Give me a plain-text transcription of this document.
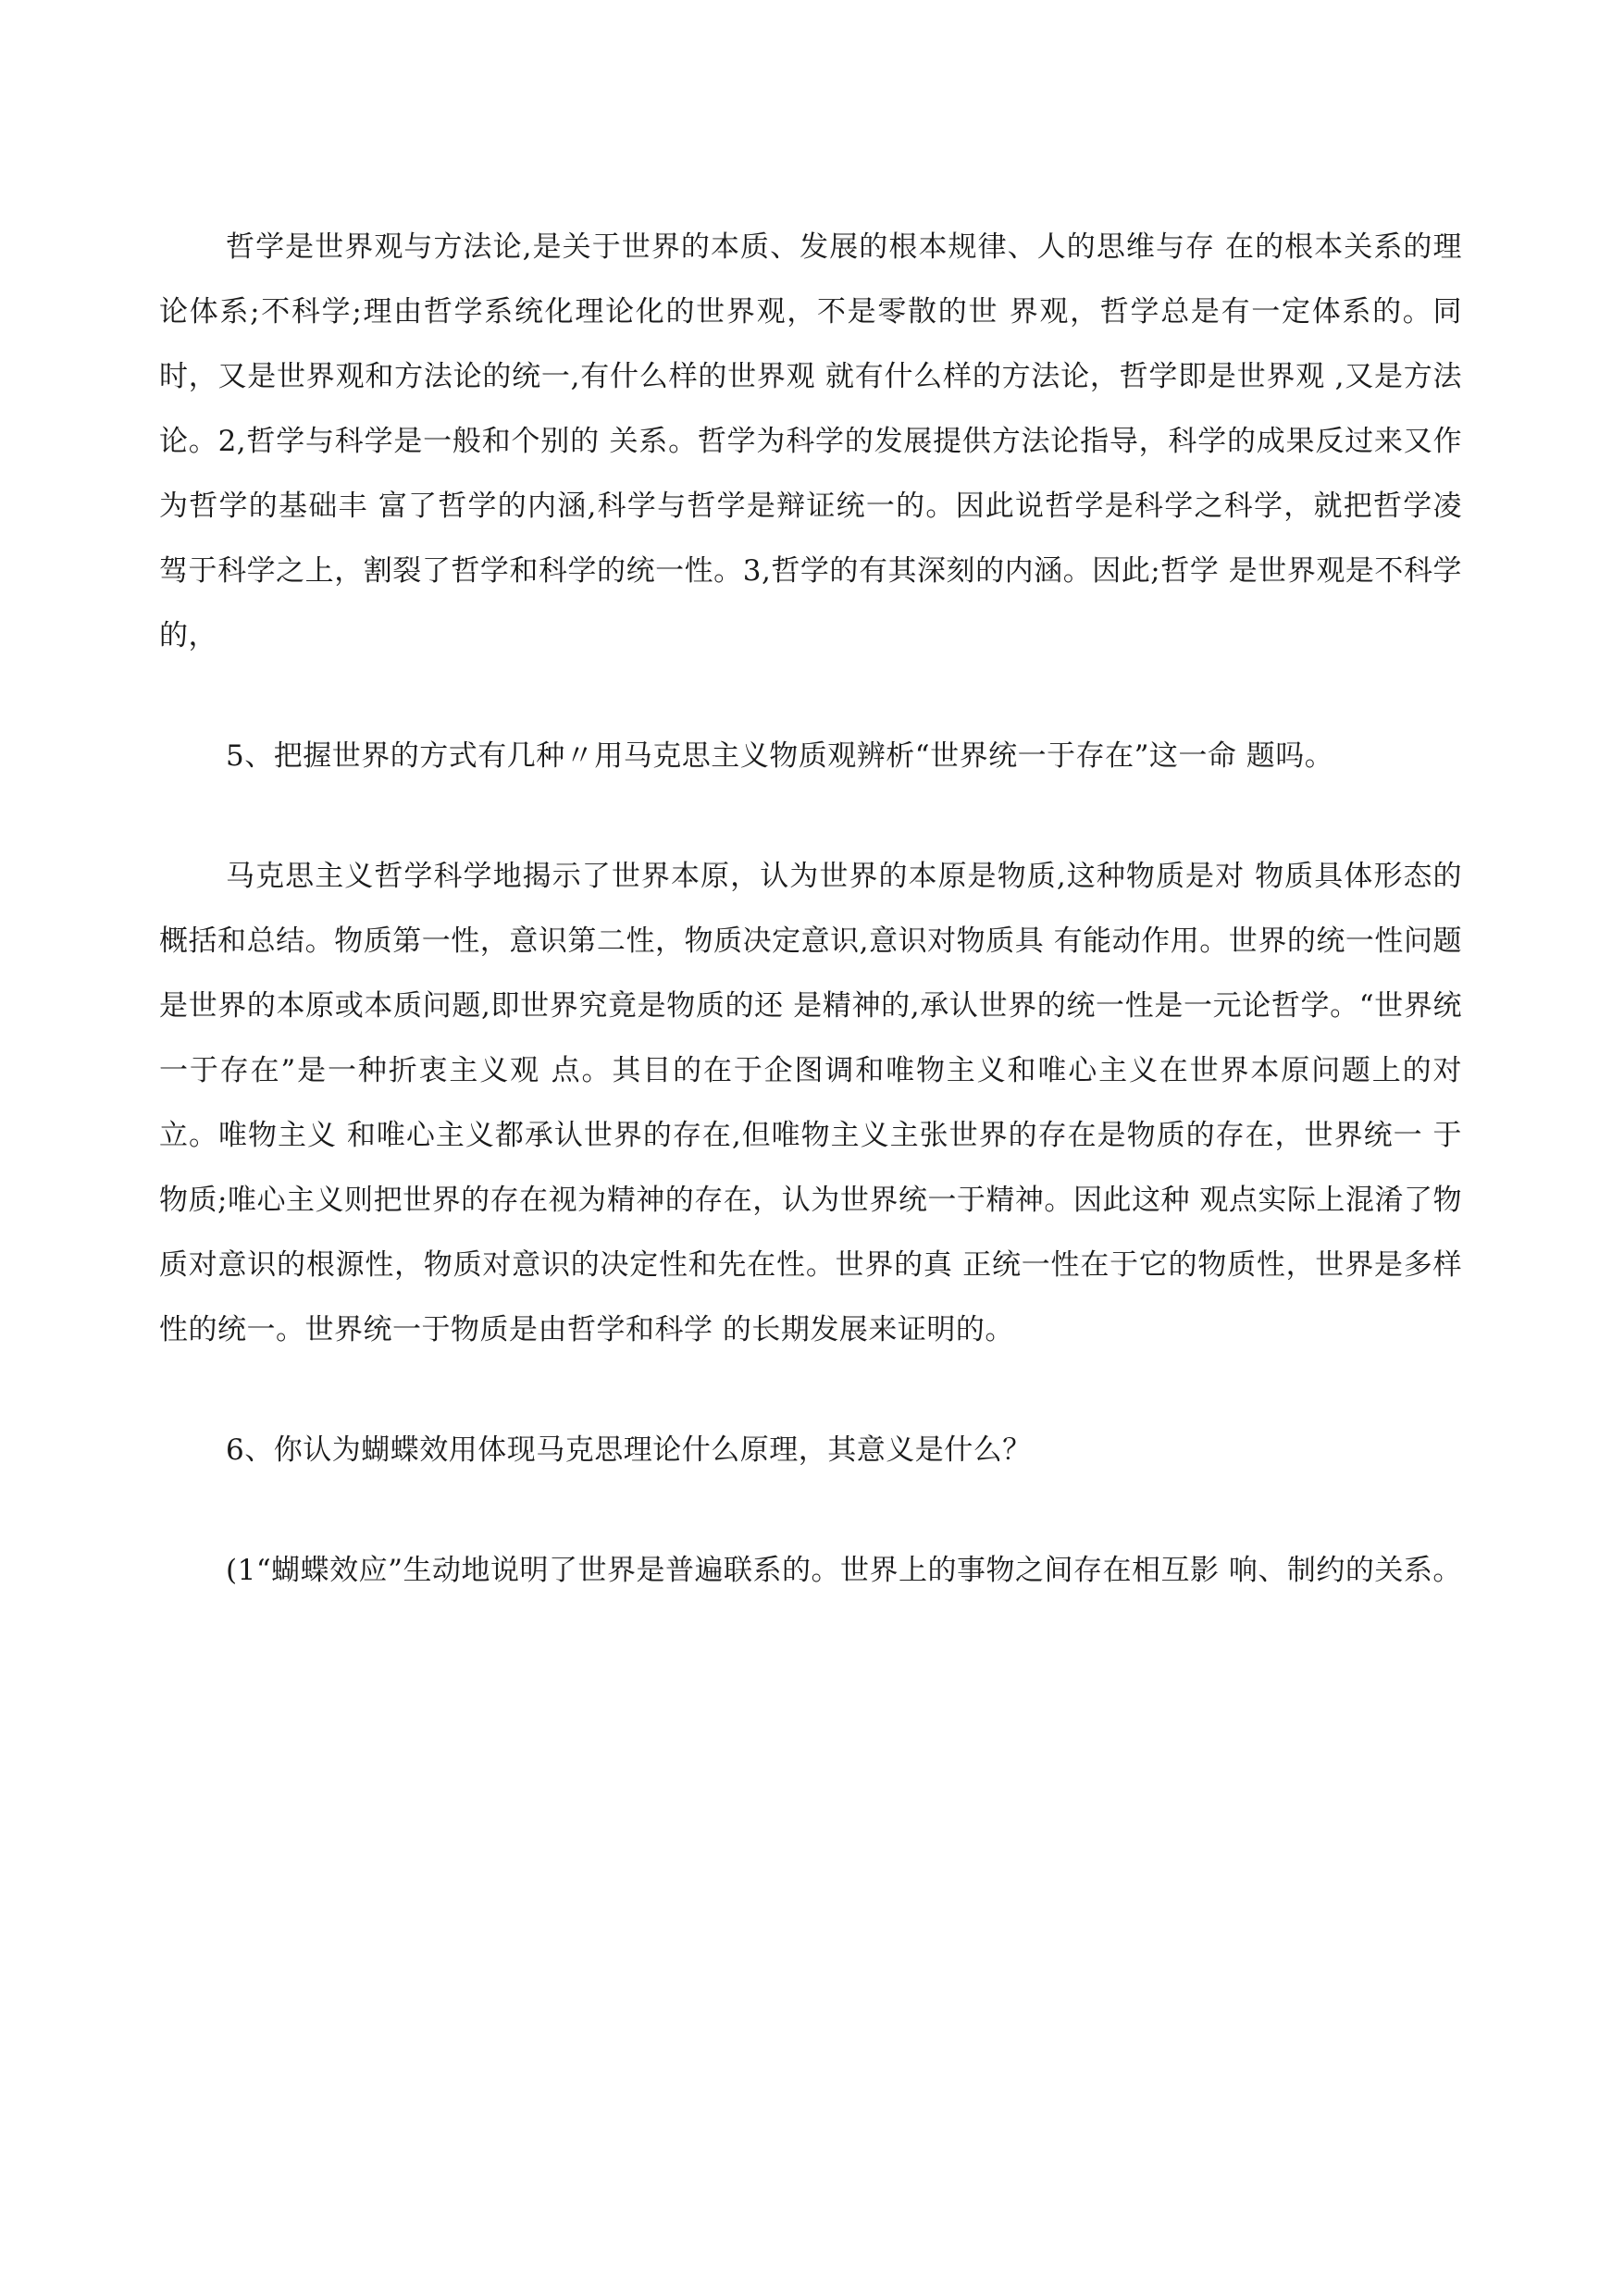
哲学是世界观与方法论,是关于世界的本质、发展的根本规律、人的思维与存 在的根本关系的理论体系;不科学;理由哲学系统化理论化的世界观，不是零散的世 界观，哲学总是有一定体系的。同时，又是世界观和方法论的统一,有什么样的世界观 就有什么样的方法论，哲学即是世界观 ,又是方法论。2,哲学与科学是一般和个别的 关系。哲学为科学的发展提供方法论指导，科学的成果反过来又作为哲学的基础丰 富了哲学的内涵,科学与哲学是辩证统一的。因此说哲学是科学之科学，就把哲学凌 驾于科学之上，割裂了哲学和科学的统一性。3,哲学的有其深刻的内涵。因此;哲学 是世界观是不科学的，

5、把握世界的方式有几种〃用马克思主义物质观辨析“世界统一于存在”这一命 题吗。

马克思主义哲学科学地揭示了世界本原，认为世界的本原是物质,这种物质是对 物质具体形态的概括和总结。物质第一性，意识第二性，物质决定意识,意识对物质具 有能动作用。世界的统一性问题是世界的本原或本质问题,即世界究竟是物质的还 是精神的,承认世界的统一性是一元论哲学。“世界统一于存在”是一种折衷主义观 点。其目的在于企图调和唯物主义和唯心主义在世界本原问题上的对立。唯物主义 和唯心主义都承认世界的存在,但唯物主义主张世界的存在是物质的存在，世界统一 于物质;唯心主义则把世界的存在视为精神的存在，认为世界统一于精神。因此这种 观点实际上混淆了物质对意识的根源性，物质对意识的决定性和先在性。世界的真 正统一性在于它的物质性，世界是多样性的统一。世界统一于物质是由哲学和科学 的长期发展来证明的。

6、你认为蝴蝶效用体现马克思理论什么原理，其意义是什么？

(1“蝴蝶效应”生动地说明了世界是普遍联系的。世界上的事物之间存在相互影 响、制约的关系。
